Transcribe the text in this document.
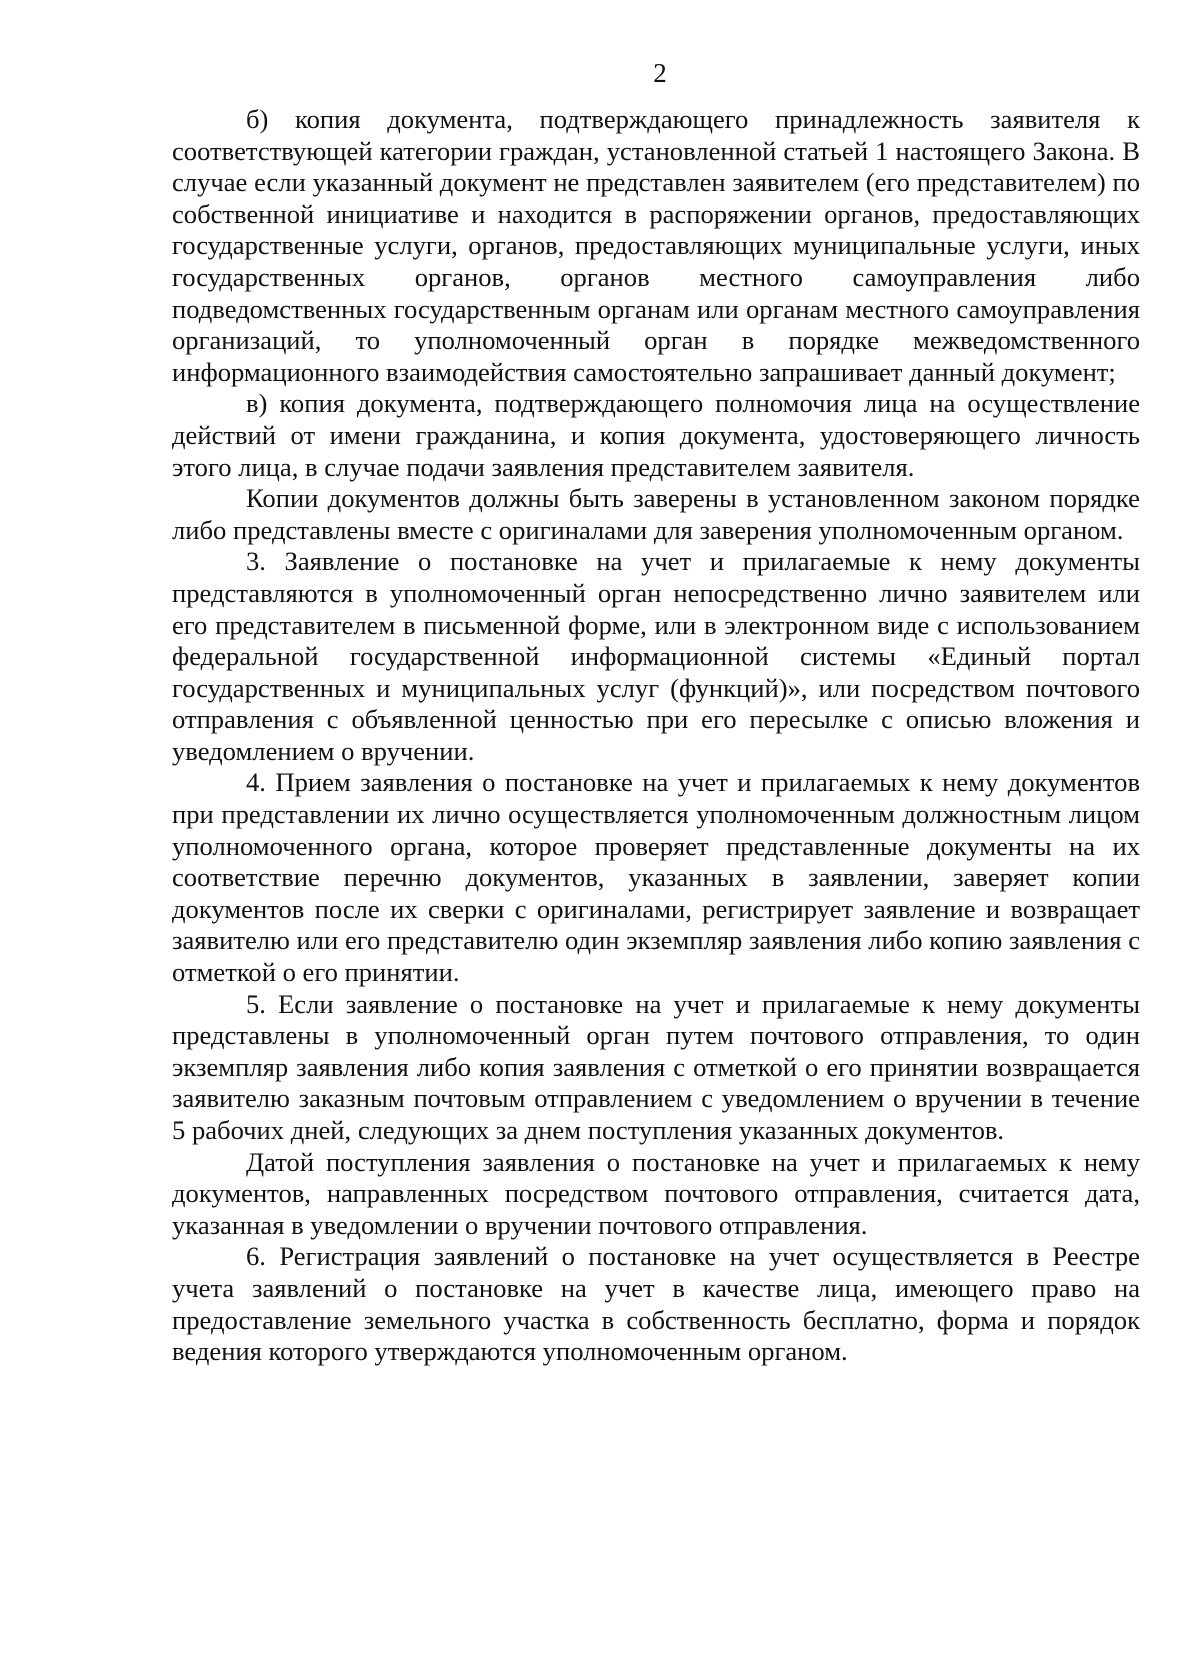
2

б) копия документа, подтверждающего принадлежность заявителя к соответствующей категории граждан, установленной статьей 1 настоящего Закона. В случае если указанный документ не представлен заявителем (его представителем) по собственной инициативе и находится в распоряжении органов, предоставляющих государственные услуги, органов, предоставляющих муниципальные услуги, иных государственных органов, органов местного самоуправления либо подведомственных государственным органам или органам местного самоуправления организаций, то уполномоченный орган в порядке межведомственного информационного взаимодействия самостоятельно запрашивает данный документ;

в) копия документа, подтверждающего полномочия лица на осуществление действий от имени гражданина, и копия документа, удостоверяющего личность этого лица, в случае подачи заявления представителем заявителя.

Копии документов должны быть заверены в установленном законом порядке либо представлены вместе с оригиналами для заверения уполномоченным органом.

3. Заявление о постановке на учет и прилагаемые к нему документы представляются в уполномоченный орган непосредственно лично заявителем или его представителем в письменной форме, или в электронном виде с использованием федеральной государственной информационной системы «Единый портал государственных и муниципальных услуг (функций)», или посредством почтового отправления с объявленной ценностью при его пересылке с описью вложения и уведомлением о вручении.

4. Прием заявления о постановке на учет и прилагаемых к нему документов при представлении их лично осуществляется уполномоченным должностным лицом уполномоченного органа, которое проверяет представленные документы на их соответствие перечню документов, указанных в заявлении, заверяет копии документов после их сверки с оригиналами, регистрирует заявление и возвращает заявителю или его представителю один экземпляр заявления либо копию заявления с отметкой о его принятии.

5. Если заявление о постановке на учет и прилагаемые к нему документы представлены в уполномоченный орган путем почтового отправления, то один экземпляр заявления либо копия заявления с отметкой о его принятии возвращается заявителю заказным почтовым отправлением с уведомлением о вручении в течение 5 рабочих дней, следующих за днем поступления указанных документов.

Датой поступления заявления о постановке на учет и прилагаемых к нему документов, направленных посредством почтового отправления, считается дата, указанная в уведомлении о вручении почтового отправления.

6. Регистрация заявлений о постановке на учет осуществляется в Реестре учета заявлений о постановке на учет в качестве лица, имеющего право на предоставление земельного участка в собственность бесплатно, форма и порядок ведения которого утверждаются уполномоченным органом.
